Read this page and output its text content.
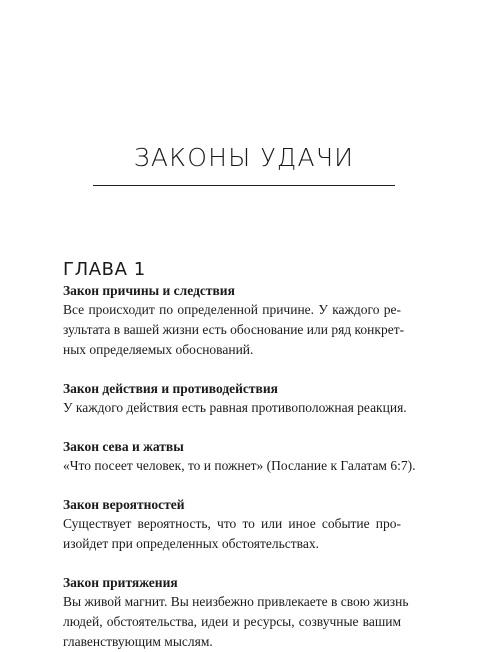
ЗАКОНЫ УДАЧИ
ГЛАВА 1
Закон причины и следствия
Все происходит по определенной причине. У каждого ре-
зультата в вашей жизни есть обоснование или ряд конкрет-
ных определяемых обоснований.
Закон действия и противодействия
У каждого действия есть равная противоположная реакция.
Закон сева и жатвы
«Что посеет человек, то и пожнет» (Послание к Галатам 6:7).
Закон вероятностей
Существует вероятность, что то или иное событие про-
изойдет при определенных обстоятельствах.
Закон притяжения
Вы живой магнит. Вы неизбежно привлекаете в свою жизнь
людей, обстоятельства, идеи и ресурсы, созвучные вашим
главенствующим мыслям.
